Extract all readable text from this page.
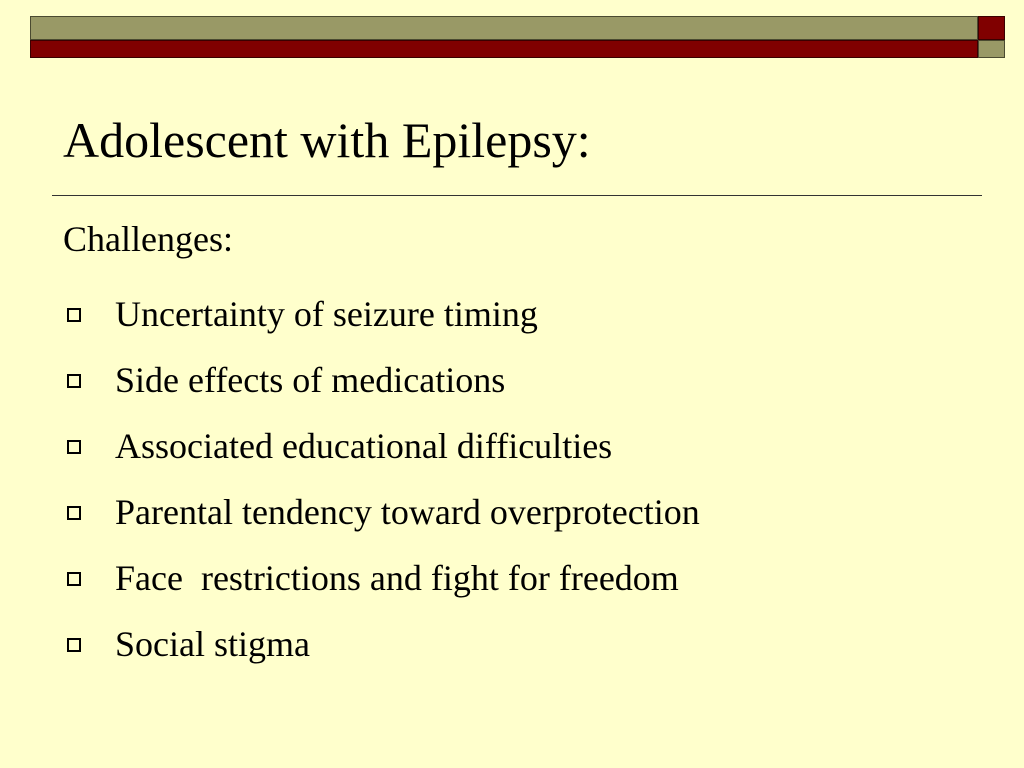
Adolescent with Epilepsy:
Challenges:
Uncertainty of seizure timing
Side effects of medications
Associated educational difficulties
Parental tendency toward overprotection
Face  restrictions and fight for freedom
Social stigma
